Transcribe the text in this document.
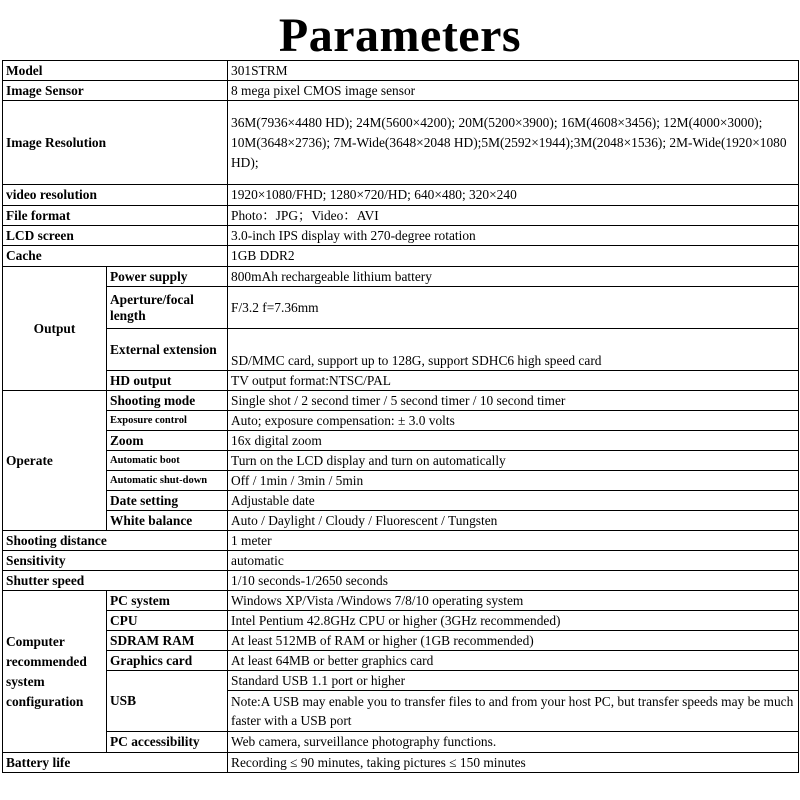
Parameters
Model		301STRM
Image Sensor		8 mega pixel CMOS image sensor
Image Resolution		36M(7936×4480 HD); 24M(5600×4200); 20M(5200×3900); 16M(4608×3456); 12M(4000×3000); 10M(3648×2736); 7M-Wide(3648×2048 HD);5M(2592×1944);3M(2048×1536); 2M-Wide(1920×1080 HD);
video resolution		1920×1080/FHD; 1280×720/HD; 640×480; 320×240
File format		Photo：JPG；Video：AVI
LCD screen		3.0-inch IPS display with 270-degree rotation
Cache		1GB DDR2
Output	Power supply	800mAh rechargeable lithium battery
	Aperture/focal length	F/3.2 f=7.36mm
	External extension	SD/MMC card, support up to 128G, support SDHC6 high speed card
	HD output	TV output format:NTSC/PAL
Operate	Shooting mode	Single shot / 2 second timer / 5 second timer / 10 second timer
	Exposure control	Auto; exposure compensation: ± 3.0 volts
	Zoom	16x digital zoom
	Automatic boot	Turn on the LCD display and turn on automatically
	Automatic shut-down	Off / 1min / 3min / 5min
	Date setting	Adjustable date
	White balance	Auto / Daylight / Cloudy / Fluorescent / Tungsten
Shooting distance		1 meter
Sensitivity		automatic
Shutter speed		1/10 seconds-1/2650 seconds
Computer recommended system configuration	PC system	Windows XP/Vista /Windows 7/8/10 operating system
	CPU	Intel Pentium 42.8GHz CPU or higher (3GHz recommended)
	SDRAM RAM	At least 512MB of RAM or higher (1GB recommended)
	Graphics card	At least 64MB or better graphics card
	USB	Standard USB 1.1 port or higher
		Note:A USB may enable you to transfer files to and from your host PC, but transfer speeds may be much faster with a USB port
	PC accessibility	Web camera, surveillance photography functions.
Battery life		Recording ≤ 90 minutes, taking pictures ≤ 150 minutes
